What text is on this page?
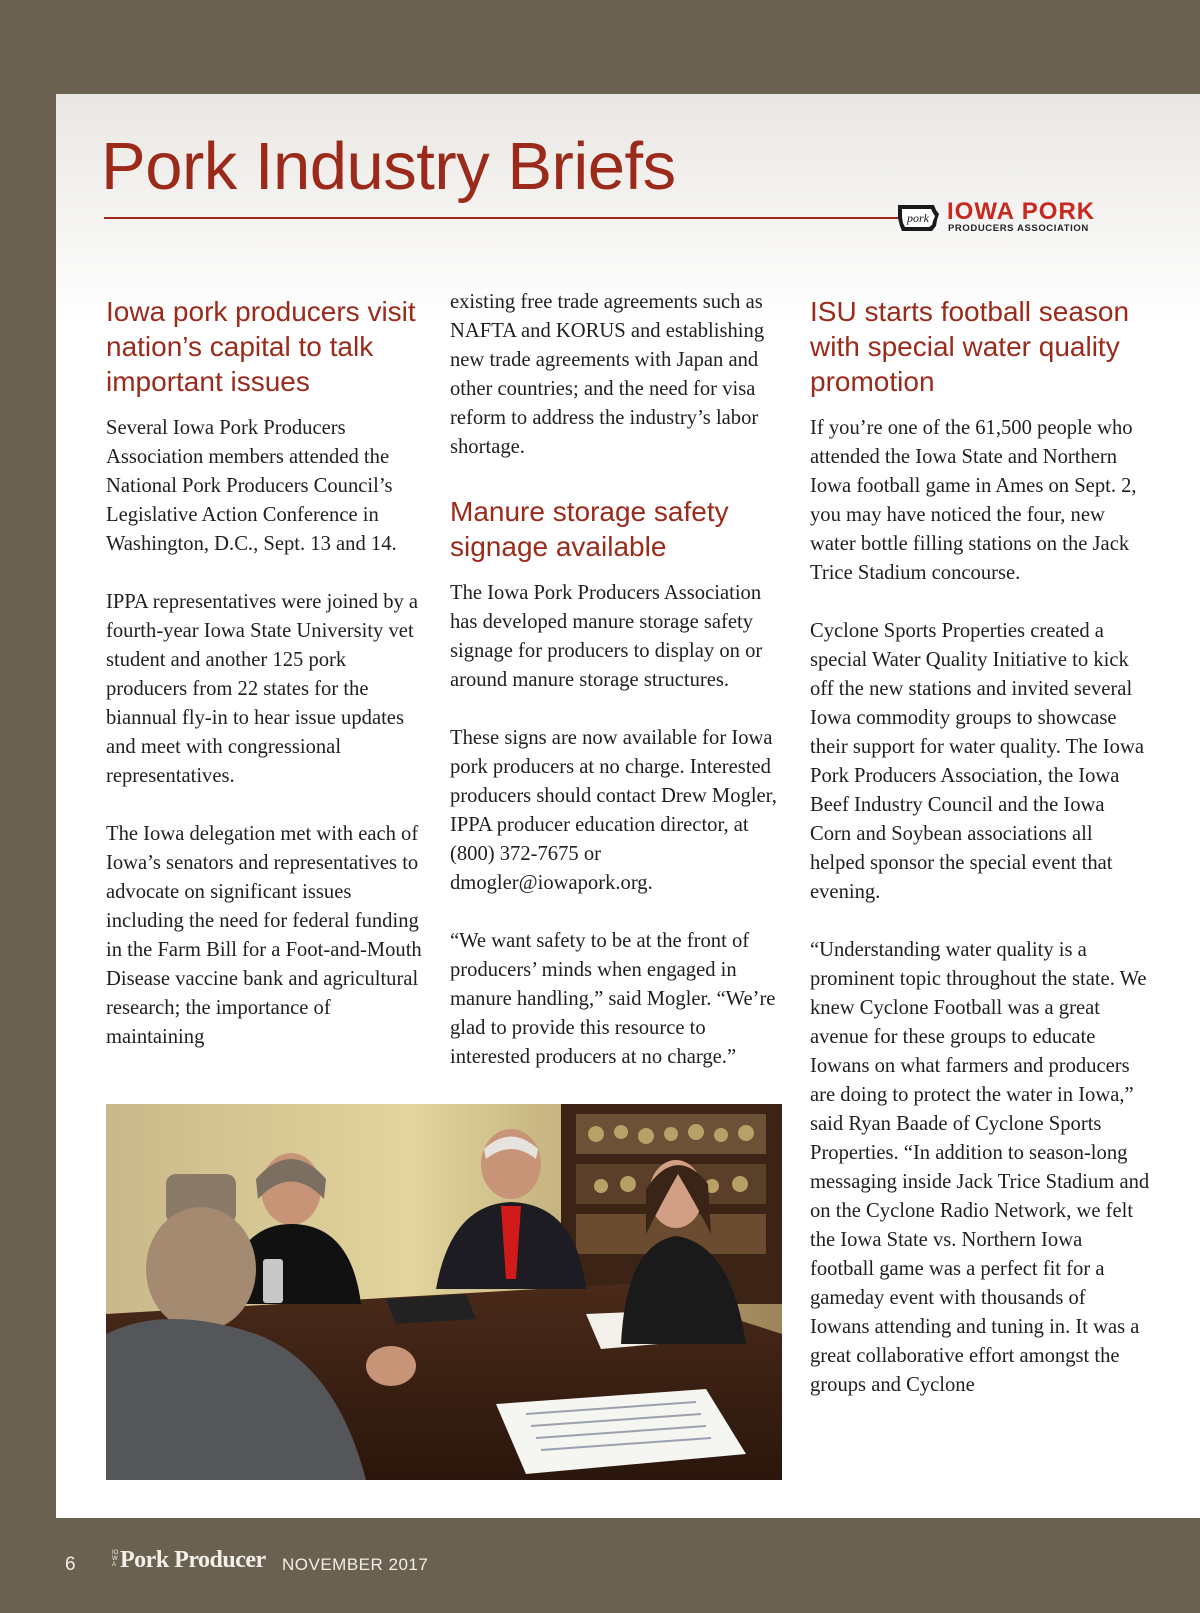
Pork Industry Briefs
pork IOWA PORK
PRODUCERS ASSOCIATION
Iowa pork producers visit nation’s capital to talk important issues

Several Iowa Pork Producers Association members attended the National Pork Producers Council’s Legislative Action Conference in Washington, D.C., Sept. 13 and 14.

IPPA representatives were joined by a fourth-year Iowa State University vet student and another 125 pork producers from 22 states for the biannual fly-in to hear issue updates and meet with congressional representatives.

The Iowa delegation met with each of Iowa’s senators and representatives to advocate on significant issues including the need for federal funding in the Farm Bill for a Foot-and-Mouth Disease vaccine bank and agricultural research; the importance of maintaining

existing free trade agreements such as NAFTA and KORUS and establishing new trade agreements with Japan and other countries; and the need for visa reform to address the industry’s labor shortage.

Manure storage safety signage available

The Iowa Pork Producers Association has developed manure storage safety signage for producers to display on or around manure storage structures.

These signs are now available for Iowa pork producers at no charge. Interested producers should contact Drew Mogler, IPPA producer education director, at (800) 372-7675 or dmogler@iowapork.org.

“We want safety to be at the front of producers’ minds when engaged in manure handling,” said Mogler. “We’re glad to provide this resource to interested producers at no charge.”

ISU starts football season with special water quality promotion

If you’re one of the 61,500 people who attended the Iowa State and Northern Iowa football game in Ames on Sept. 2, you may have noticed the four, new water bottle filling stations on the Jack Trice Stadium concourse.

Cyclone Sports Properties created a special Water Quality Initiative to kick off the new stations and invited several Iowa commodity groups to showcase their support for water quality. The Iowa Pork Producers Association, the Iowa Beef Industry Council and the Iowa Corn and Soybean associations all helped sponsor the special event that evening.

“Understanding water quality is a prominent topic throughout the state. We knew Cyclone Football was a great avenue for these groups to educate Iowans on what farmers and producers are doing to protect the water in Iowa,” said Ryan Baade of Cyclone Sports Properties. “In addition to season-long messaging inside Jack Trice Stadium and on the Cyclone Radio Network, we felt the Iowa State vs. Northern Iowa football game was a perfect fit for a gameday event with thousands of Iowans attending and tuning in. It was a great collaborative effort amongst the groups and Cyclone

6
IOWA Pork Producer NOVEMBER 2017
